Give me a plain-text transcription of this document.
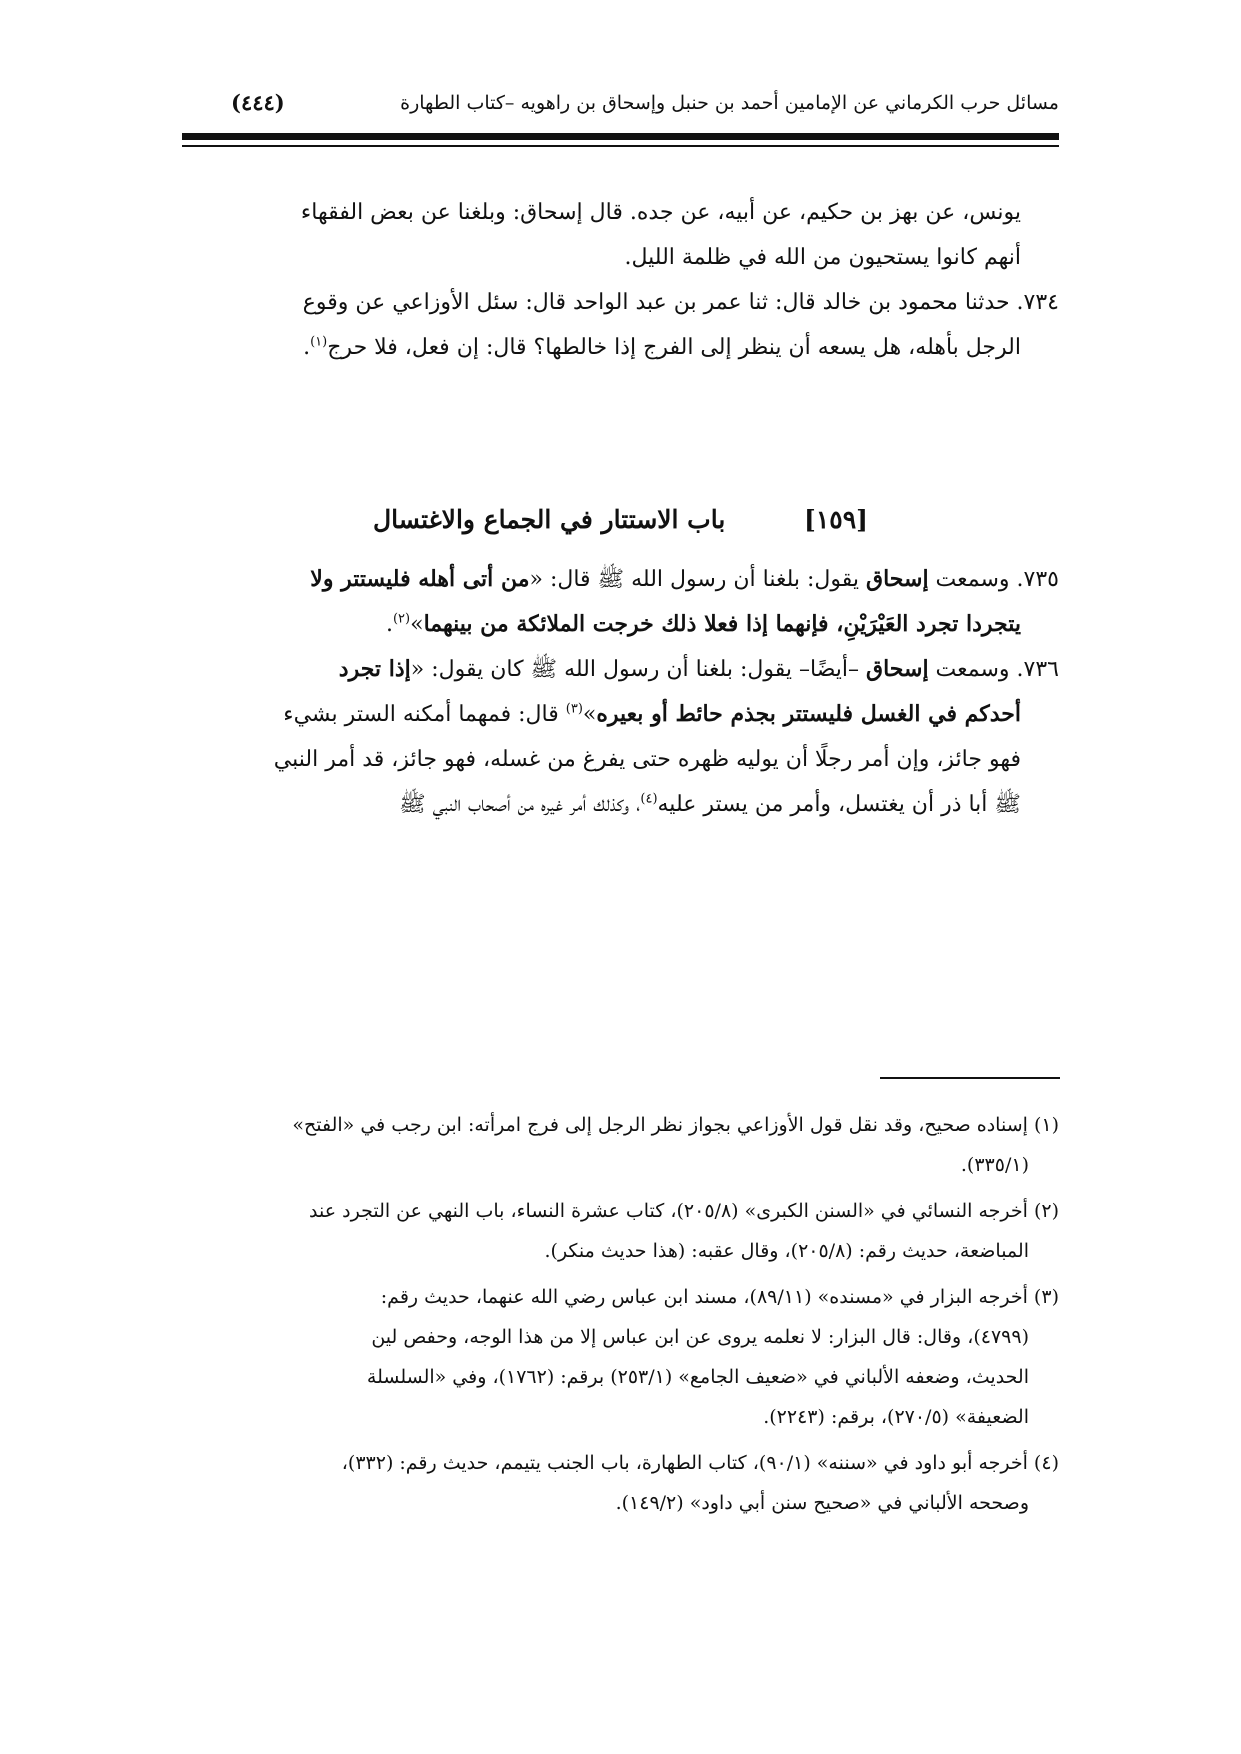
مسائل حرب الكرماني عن الإمامين أحمد بن حنبل وإسحاق بن راهويه –كتاب الطهارة
(٤٤٤)

يونس، عن بهز بن حكيم، عن أبيه، عن جده. قال إسحاق: وبلغنا عن بعض الفقهاء
أنهم كانوا يستحيون من الله في ظلمة الليل.

٧٣٤. حدثنا محمود بن خالد قال: ثنا عمر بن عبد الواحد قال: سئل الأوزاعي عن وقوع
الرجل بأهله، هل يسعه أن ينظر إلى الفرج إذا خالطها؟ قال: إن فعل، فلا حرج$^{(١)}$.

[١٥٩] باب الاستتار في الجماع والاغتسال

٧٣٥. وسمعت إسحاق يقول: بلغنا أن رسول الله ﷺ قال: «من أتى أهله فليستتر ولا
يتجردا تجرد العَيْرَيْنِ، فإنهما إذا فعلا ذلك خرجت الملائكة من بينهما»$^{(٢)}$.

٧٣٦. وسمعت إسحاق –أيضًا– يقول: بلغنا أن رسول الله ﷺ كان يقول: «إذا تجرد
أحدكم في الغسل فليستتر بجذم حائط أو بعيره»$^{(٣)}$ قال: فمهما أمكنه الستر بشيء
فهو جائز، وإن أمر رجلًا أن يوليه ظهره حتى يفرغ من غسله، فهو جائز، قد أمر النبي
ﷺ أبا ذر أن يغتسل، وأمر من يستر عليه$^{(٤)}$، وكذلك أمر غيره من أصحاب النبي ﷺ

(١) إسناده صحيح، وقد نقل قول الأوزاعي بجواز نظر الرجل إلى فرج امرأته: ابن رجب في «الفتح»
(٣٣٥/١).

(٢) أخرجه النسائي في «السنن الكبرى» (٢٠٥/٨)، كتاب عشرة النساء، باب النهي عن التجرد عند
المباضعة، حديث رقم: (٢٠٥/٨)، وقال عقبه: (هذا حديث منكر).

(٣) أخرجه البزار في «مسنده» (٨٩/١١)، مسند ابن عباس رضي الله عنهما، حديث رقم:
(٤٧٩٩)، وقال: قال البزار: لا نعلمه يروى عن ابن عباس إلا من هذا الوجه، وحفص لين
الحديث، وضعفه الألباني في «ضعيف الجامع» (٢٥٣/١) برقم: (١٧٦٢)، وفي «السلسلة
الضعيفة» (٢٧٠/٥)، برقم: (٢٢٤٣).

(٤) أخرجه أبو داود في «سننه» (٩٠/١)، كتاب الطهارة، باب الجنب يتيمم، حديث رقم: (٣٣٢)،
وصححه الألباني في «صحيح سنن أبي داود» (١٤٩/٢).
